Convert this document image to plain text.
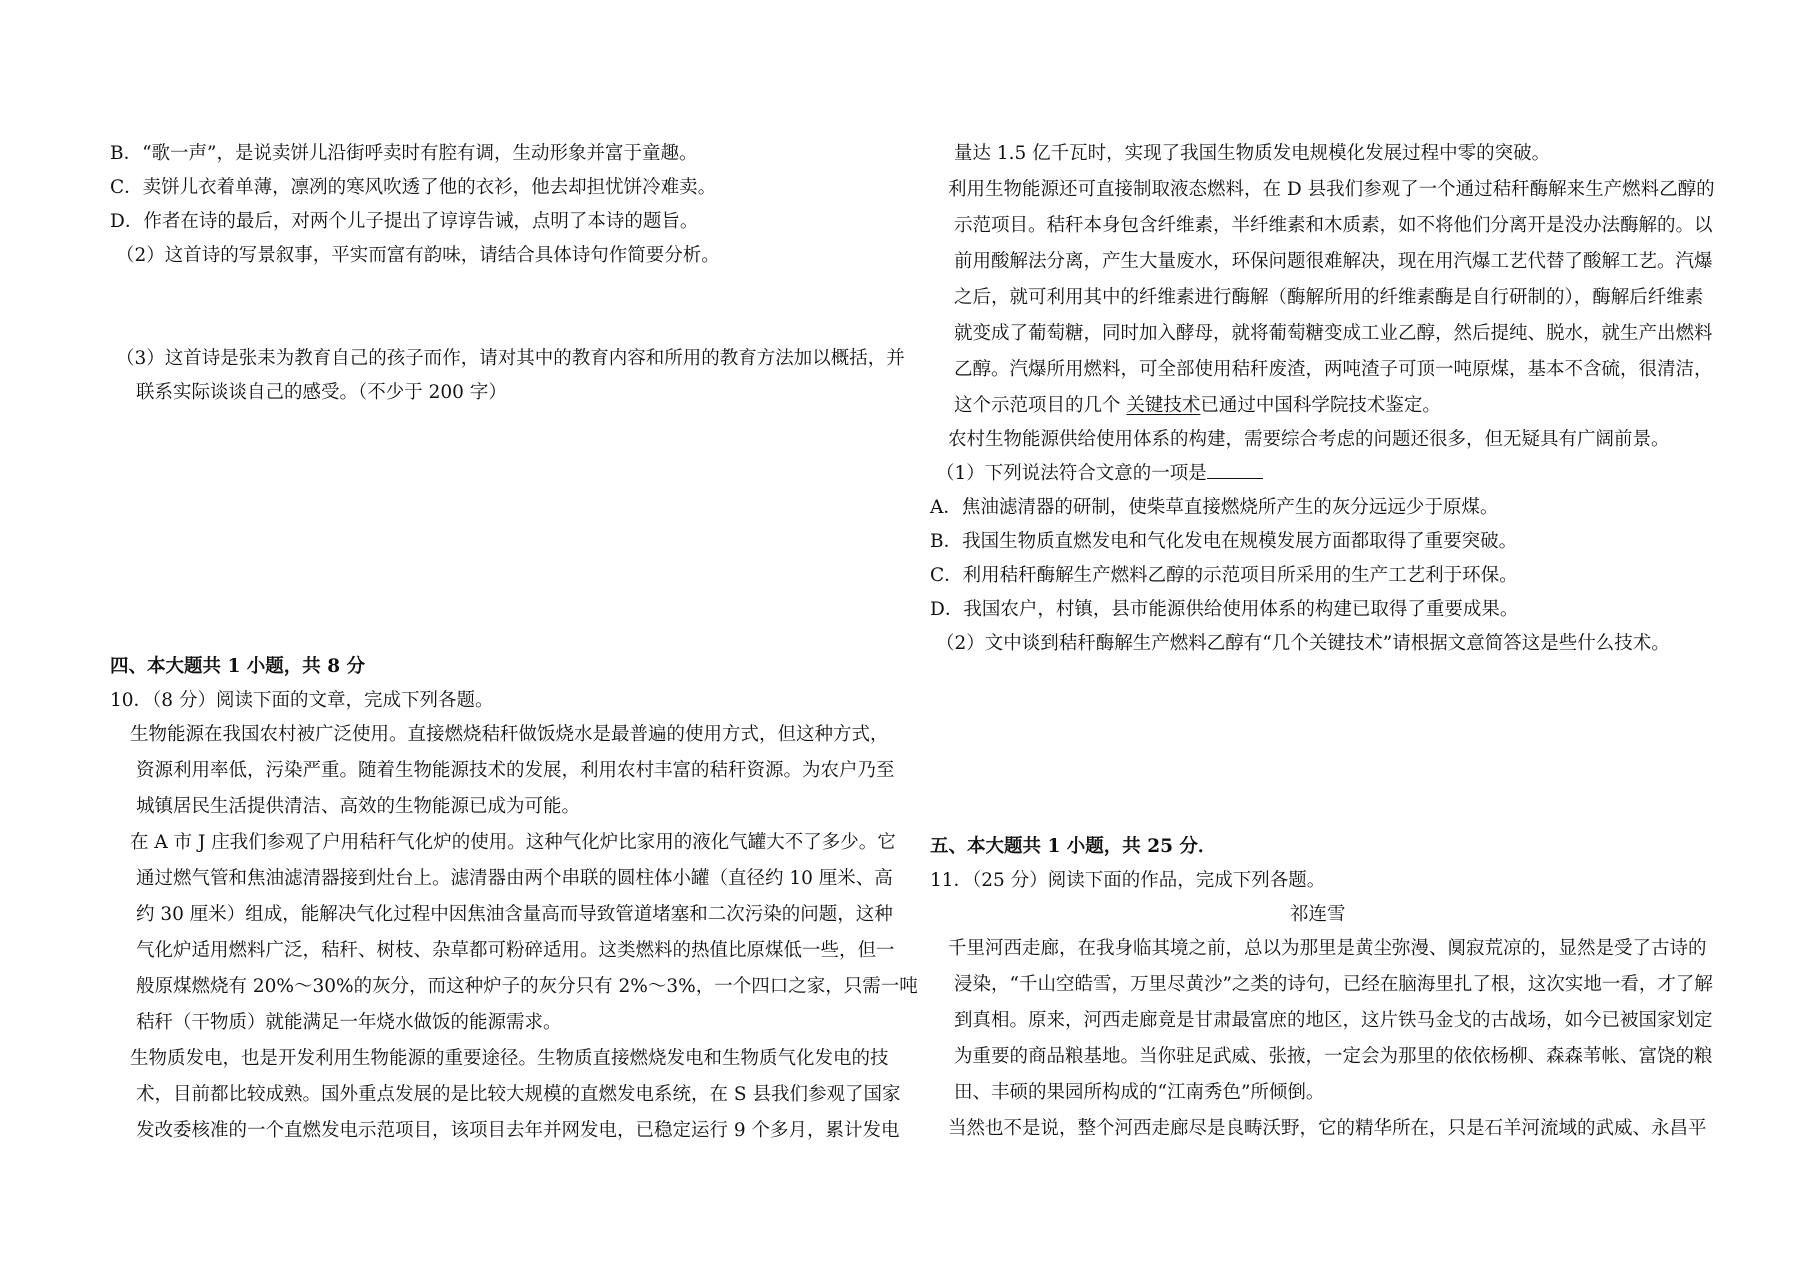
B．“歌一声”，是说卖饼儿沿街呼卖时有腔有调，生动形象并富于童趣。
C．卖饼儿衣着单薄，凛冽的寒风吹透了他的衣衫，他去却担忧饼冷难卖。
D．作者在诗的最后，对两个儿子提出了谆谆告诫，点明了本诗的题旨。
（2）这首诗的写景叙事，平实而富有韵味，请结合具体诗句作简要分析。
（3）这首诗是张耒为教育自己的孩子而作，请对其中的教育内容和所用的教育方法加以概括，并
联系实际谈谈自己的感受。（不少于 200 字）
四、本大题共 1 小题，共 8 分
10．（8 分）阅读下面的文章，完成下列各题。
生物能源在我国农村被广泛使用。直接燃烧秸秆做饭烧水是最普遍的使用方式，但这种方式，
资源利用率低，污染严重。随着生物能源技术的发展，利用农村丰富的秸秆资源。为农户乃至
城镇居民生活提供清洁、高效的生物能源已成为可能。
在 A 市 J 庄我们参观了户用秸秆气化炉的使用。这种气化炉比家用的液化气罐大不了多少。它
通过燃气管和焦油滤清器接到灶台上。滤清器由两个串联的圆柱体小罐（直径约 10 厘米、高
约 30 厘米）组成，能解决气化过程中因焦油含量高而导致管道堵塞和二次污染的问题，这种
气化炉适用燃料广泛，秸秆、树枝、杂草都可粉碎适用。这类燃料的热值比原煤低一些，但一
般原煤燃烧有 20%～30%的灰分，而这种炉子的灰分只有 2%～3%，一个四口之家，只需一吨
秸秆（干物质）就能满足一年烧水做饭的能源需求。
生物质发电，也是开发利用生物能源的重要途径。生物质直接燃烧发电和生物质气化发电的技
术，目前都比较成熟。国外重点发展的是比较大规模的直燃发电系统，在 S 县我们参观了国家
发改委核准的一个直燃发电示范项目，该项目去年并网发电，已稳定运行 9 个多月，累计发电
量达 1.5 亿千瓦时，实现了我国生物质发电规模化发展过程中零的突破。
利用生物能源还可直接制取液态燃料，在 D 县我们参观了一个通过秸秆酶解来生产燃料乙醇的
示范项目。秸秆本身包含纤维素，半纤维素和木质素，如不将他们分离开是没办法酶解的。以
前用酸解法分离，产生大量废水，环保问题很难解决，现在用汽爆工艺代替了酸解工艺。汽爆
之后，就可利用其中的纤维素进行酶解（酶解所用的纤维素酶是自行研制的），酶解后纤维素
就变成了葡萄糖，同时加入酵母，就将葡萄糖变成工业乙醇，然后提纯、脱水，就生产出燃料
乙醇。汽爆所用燃料，可全部使用秸秆废渣，两吨渣子可顶一吨原煤，基本不含硫，很清洁，
这个示范项目的几个 关键技术已通过中国科学院技术鉴定。
农村生物能源供给使用体系的构建，需要综合考虑的问题还很多，但无疑具有广阔前景。
（1）下列说法符合文意的一项是
A．焦油滤清器的研制，使柴草直接燃烧所产生的灰分远远少于原煤。
B．我国生物质直燃发电和气化发电在规模发展方面都取得了重要突破。
C．利用秸秆酶解生产燃料乙醇的示范项目所采用的生产工艺利于环保。
D．我国农户，村镇，县市能源供给使用体系的构建已取得了重要成果。
（2）文中谈到秸秆酶解生产燃料乙醇有“几个关键技术”请根据文意简答这是些什么技术。
五、本大题共 1 小题，共 25 分．
11．（25 分）阅读下面的作品，完成下列各题。
祁连雪
千里河西走廊，在我身临其境之前，总以为那里是黄尘弥漫、阒寂荒凉的，显然是受了古诗的
浸染，“千山空皓雪，万里尽黄沙”之类的诗句，已经在脑海里扎了根，这次实地一看，才了解
到真相。原来，河西走廊竟是甘肃最富庶的地区，这片铁马金戈的古战场，如今已被国家划定
为重要的商品粮基地。当你驻足武威、张掖，一定会为那里的依依杨柳、森森苇帐、富饶的粮
田、丰硕的果园所构成的“江南秀色”所倾倒。
当然也不是说，整个河西走廊尽是良畴沃野，它的精华所在，只是石羊河流域的武威、永昌平
